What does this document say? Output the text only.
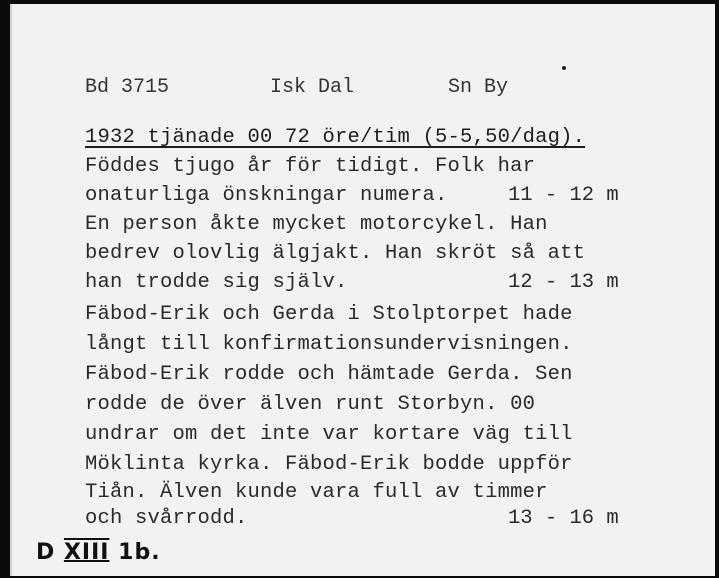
Bd 3715	Isk Dal	Sn By
1932 tjänade 00 72 öre/tim (5-5,50/dag).
Föddes tjugo år för tidigt. Folk har
onaturliga önskningar numera.	11 - 12 m
En person åkte mycket motorcykel. Han
bedrev olovlig älgjakt. Han skröt så att
han trodde sig själv.	12 - 13 m
Fäbod-Erik och Gerda i Stolptorpet hade
långt till konfirmationsundervisningen.
Fäbod-Erik rodde och hämtade Gerda. Sen
rodde de över älven runt Storbyn. 00
undrar om det inte var kortare väg till
Möklinta kyrka. Fäbod-Erik bodde uppför
Tiån. Älven kunde vara full av timmer
och svårrodd.	13 - 16 m
D XIII 1b.
